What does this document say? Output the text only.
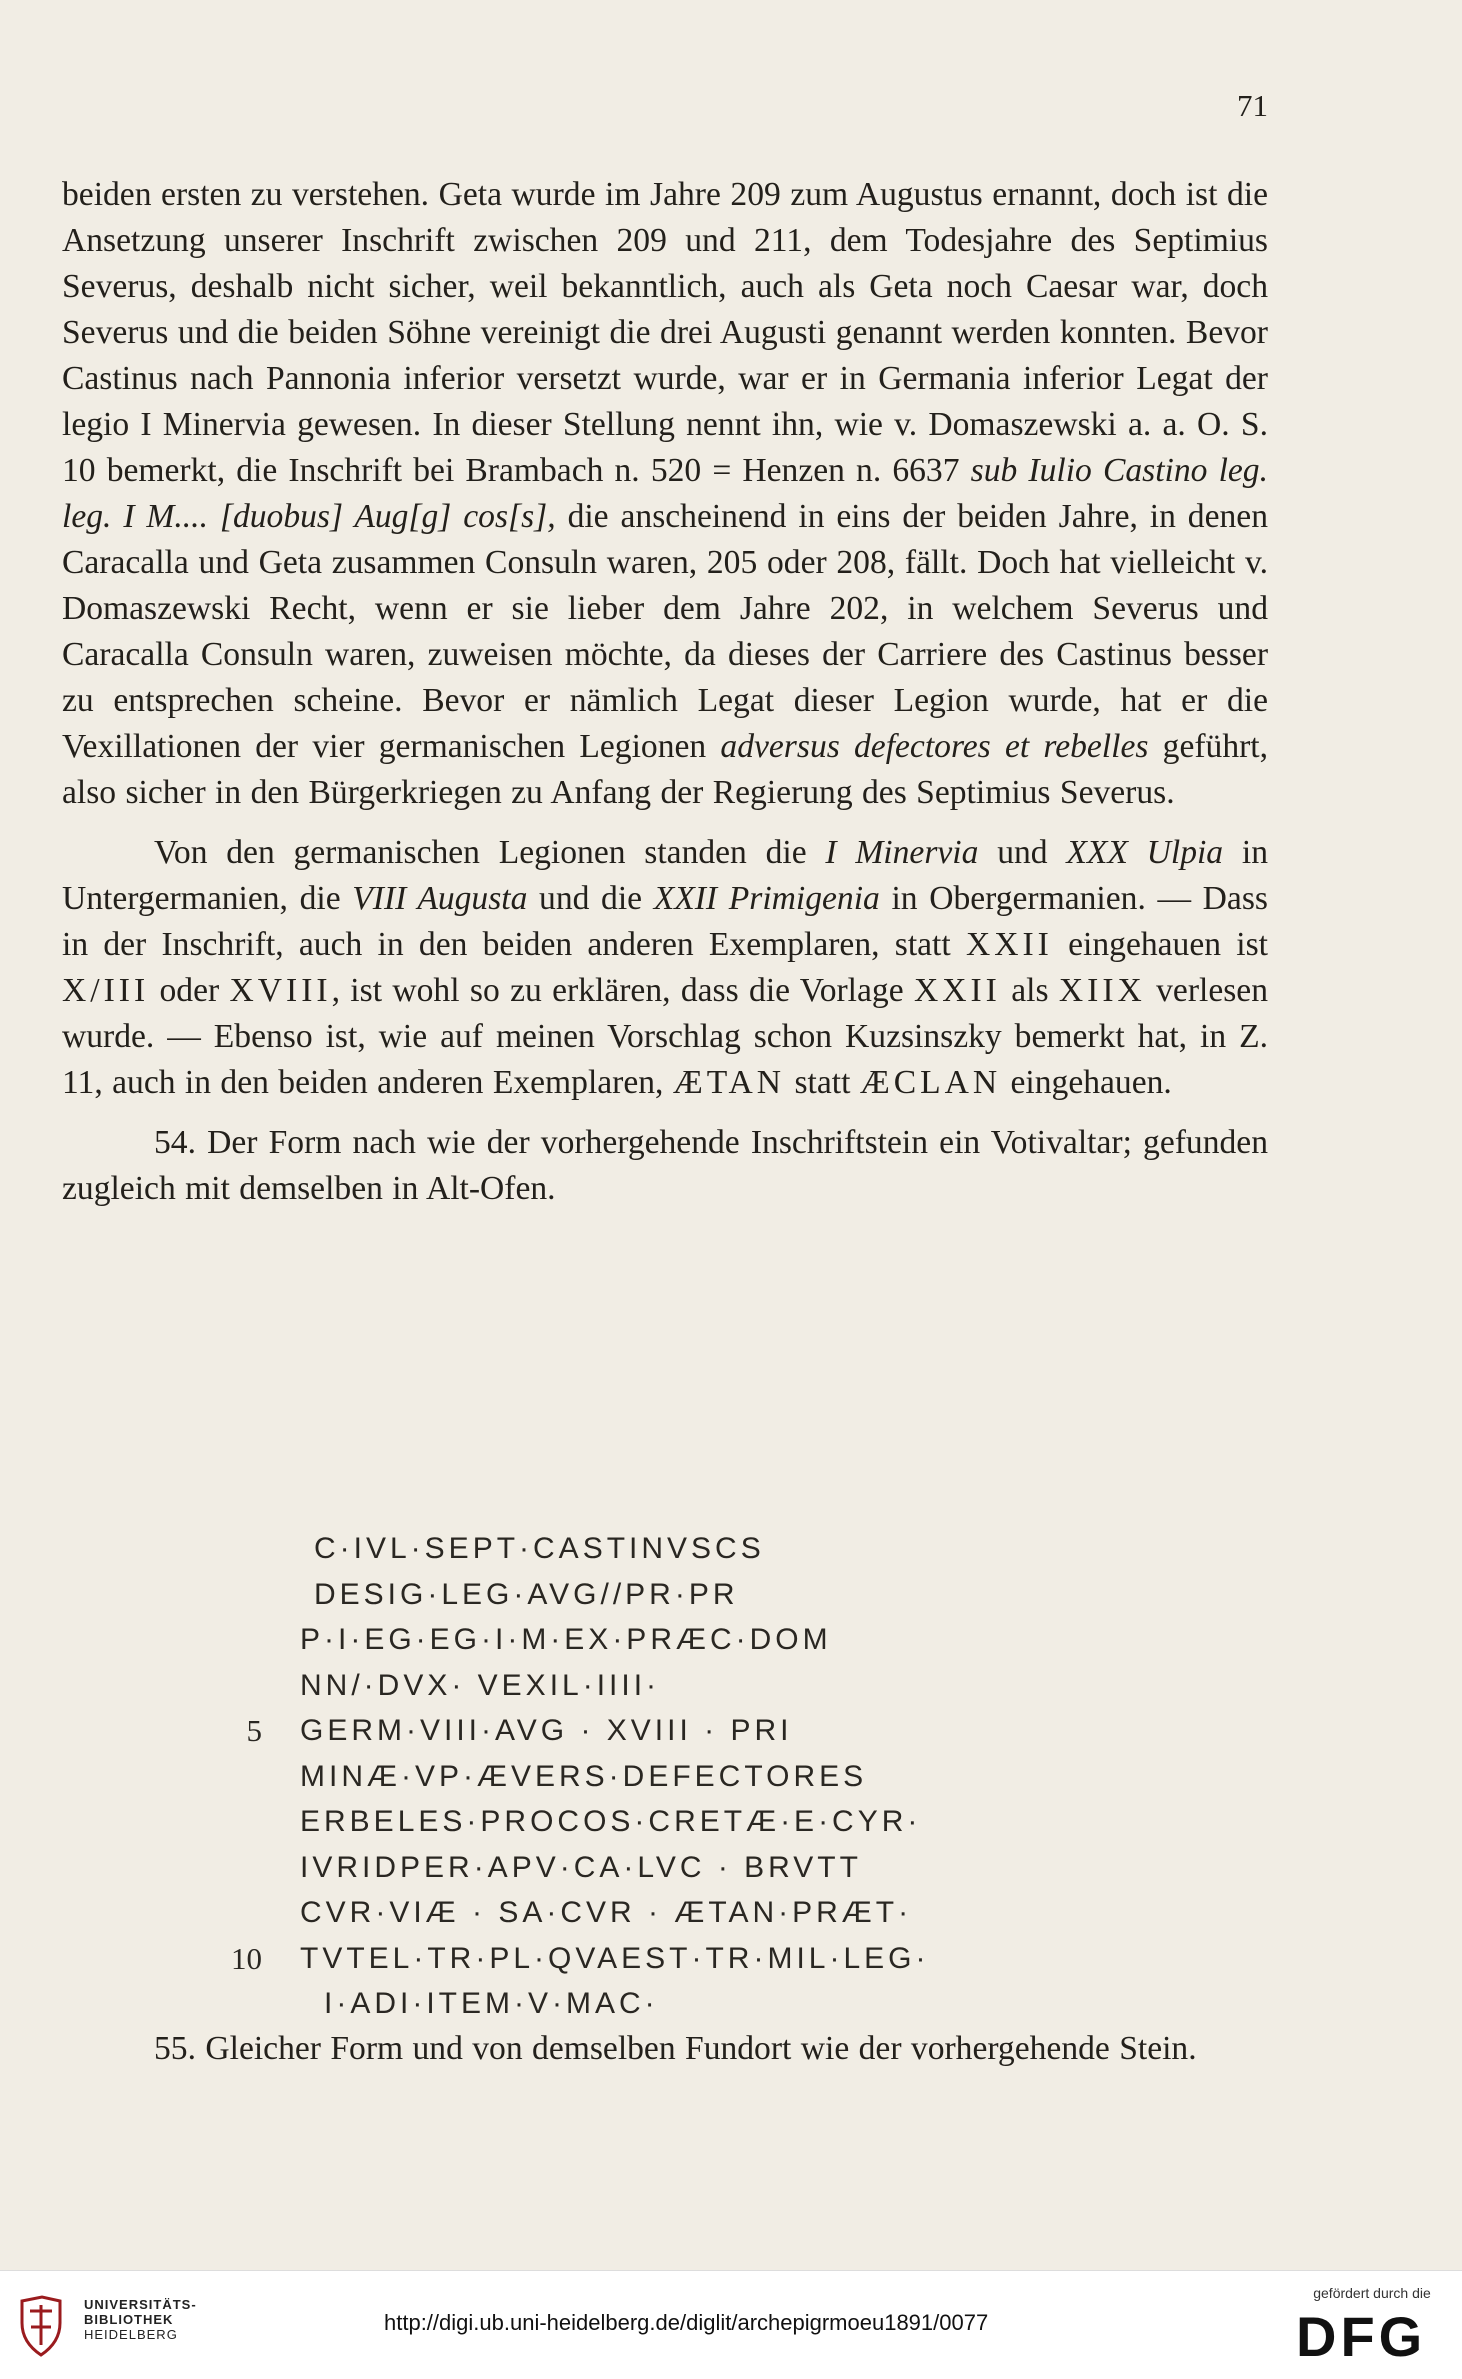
71

beiden ersten zu verstehen. Geta wurde im Jahre 209 zum Augustus ernannt, doch ist die Ansetzung unserer Inschrift zwischen 209 und 211, dem Todesjahre des Septimius Severus, deshalb nicht sicher, weil bekanntlich, auch als Geta noch Caesar war, doch Severus und die beiden Söhne vereinigt die drei Augusti genannt werden konnten. Bevor Castinus nach Pannonia inferior versetzt wurde, war er in Germania inferior Legat der legio I Minervia gewesen. In dieser Stellung nennt ihn, wie v. Domaszewski a. a. O. S. 10 bemerkt, die Inschrift bei Brambach n. 520 = Henzen n. 6637 sub Iulio Castino leg. leg. I M.... [duobus] Aug[g] cos[s], die anscheinend in eins der beiden Jahre, in denen Caracalla und Geta zusammen Consuln waren, 205 oder 208, fällt. Doch hat vielleicht v. Domaszewski Recht, wenn er sie lieber dem Jahre 202, in welchem Severus und Caracalla Consuln waren, zuweisen möchte, da dieses der Carriere des Castinus besser zu entsprechen scheine. Bevor er nämlich Legat dieser Legion wurde, hat er die Vexillationen der vier germanischen Legionen adversus defectores et rebelles geführt, also sicher in den Bürgerkriegen zu Anfang der Regierung des Septimius Severus.

Von den germanischen Legionen standen die I Minervia und XXX Ulpia in Untergermanien, die VIII Augusta und die XXII Primigenia in Obergermanien. — Dass in der Inschrift, auch in den beiden anderen Exemplaren, statt XXII eingehauen ist X/III oder XVIII, ist wohl so zu erklären, dass die Vorlage XXII als XIIX verlesen wurde. — Ebenso ist, wie auf meinen Vorschlag schon Kuzsinszky bemerkt hat, in Z. 11, auch in den beiden anderen Exemplaren, ÆTAN statt ÆCLAN eingehauen.

54. Der Form nach wie der vorhergehende Inschriftstein ein Votivaltar; gefunden zugleich mit demselben in Alt-Ofen.

C·IVL·SEPT·CASTINVSCS
DESIG·LEG·AVG//PR·PR
P·I·EG·EG·I·M·EX·PRÆC·DOM
NN/·DVX· VEXIL·IIII·
5 GERM·VIII·AVG · XVIII · PRI
MINÆ·VP·ÆVERS·DEFECTORES
ERBELES·PROCOS·CRETÆ·E·CYR·
IVRIDPER·APV·CA·LVC · BRVTT
CVR·VIÆ · SA·CVR · ÆTAN·PRÆT·
10 TVTEL·TR·PL·QVAEST·TR·MIL·LEG·
I·ADI·ITEM·V·MAC·

55. Gleicher Form und von demselben Fundort wie der vorhergehende Stein.

UNIVERSITÄTS-
BIBLIOTHEK
HEIDELBERG	http://digi.ub.uni-heidelberg.de/diglit/archepigrmoeu1891/0077
gefördert durch die
DFG
